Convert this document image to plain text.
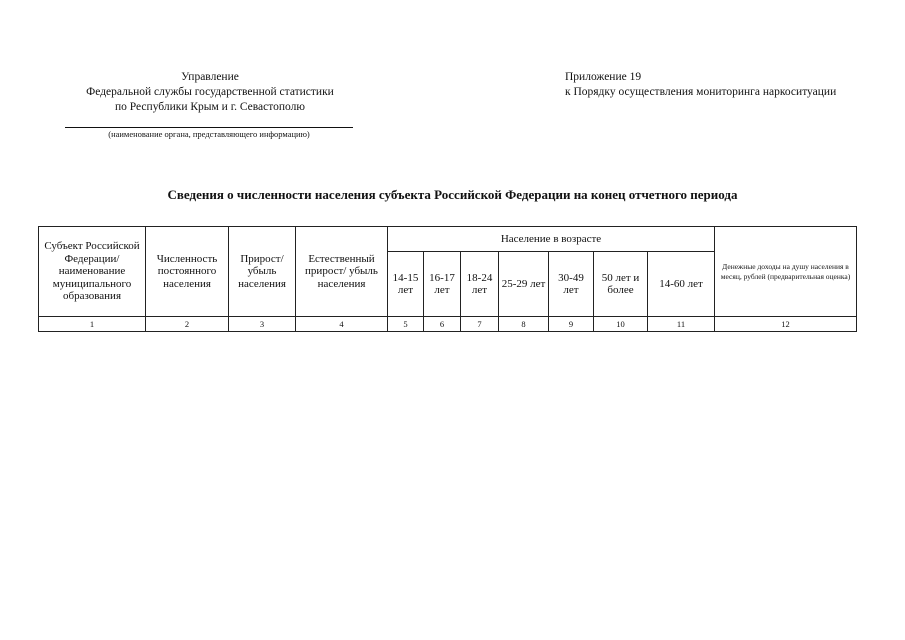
Управление
Федеральной службы государственной статистики
по Республики Крым и г. Севастополю
Приложение 19
к Порядку осуществления мониторинга наркоситуации
(наименование органа, представляющего информацию)
Сведения о численности населения субъекта Российской Федерации на конец отчетного периода
Субъект Российской Федерации/ наименование муниципального образования	Численность постоянного населения	Прирост/ убыль населения	Естественный прирост/ убыль населения	Население в возрасте							Денежные доходы на душу населения в месяц, рублей (предварительная оценка)
				14-15 лет	16-17 лет	18-24 лет	25-29 лет	30-49 лет	50 лет и более	14-60 лет	
1	2	3	4	5	6	7	8	9	10	11	12
